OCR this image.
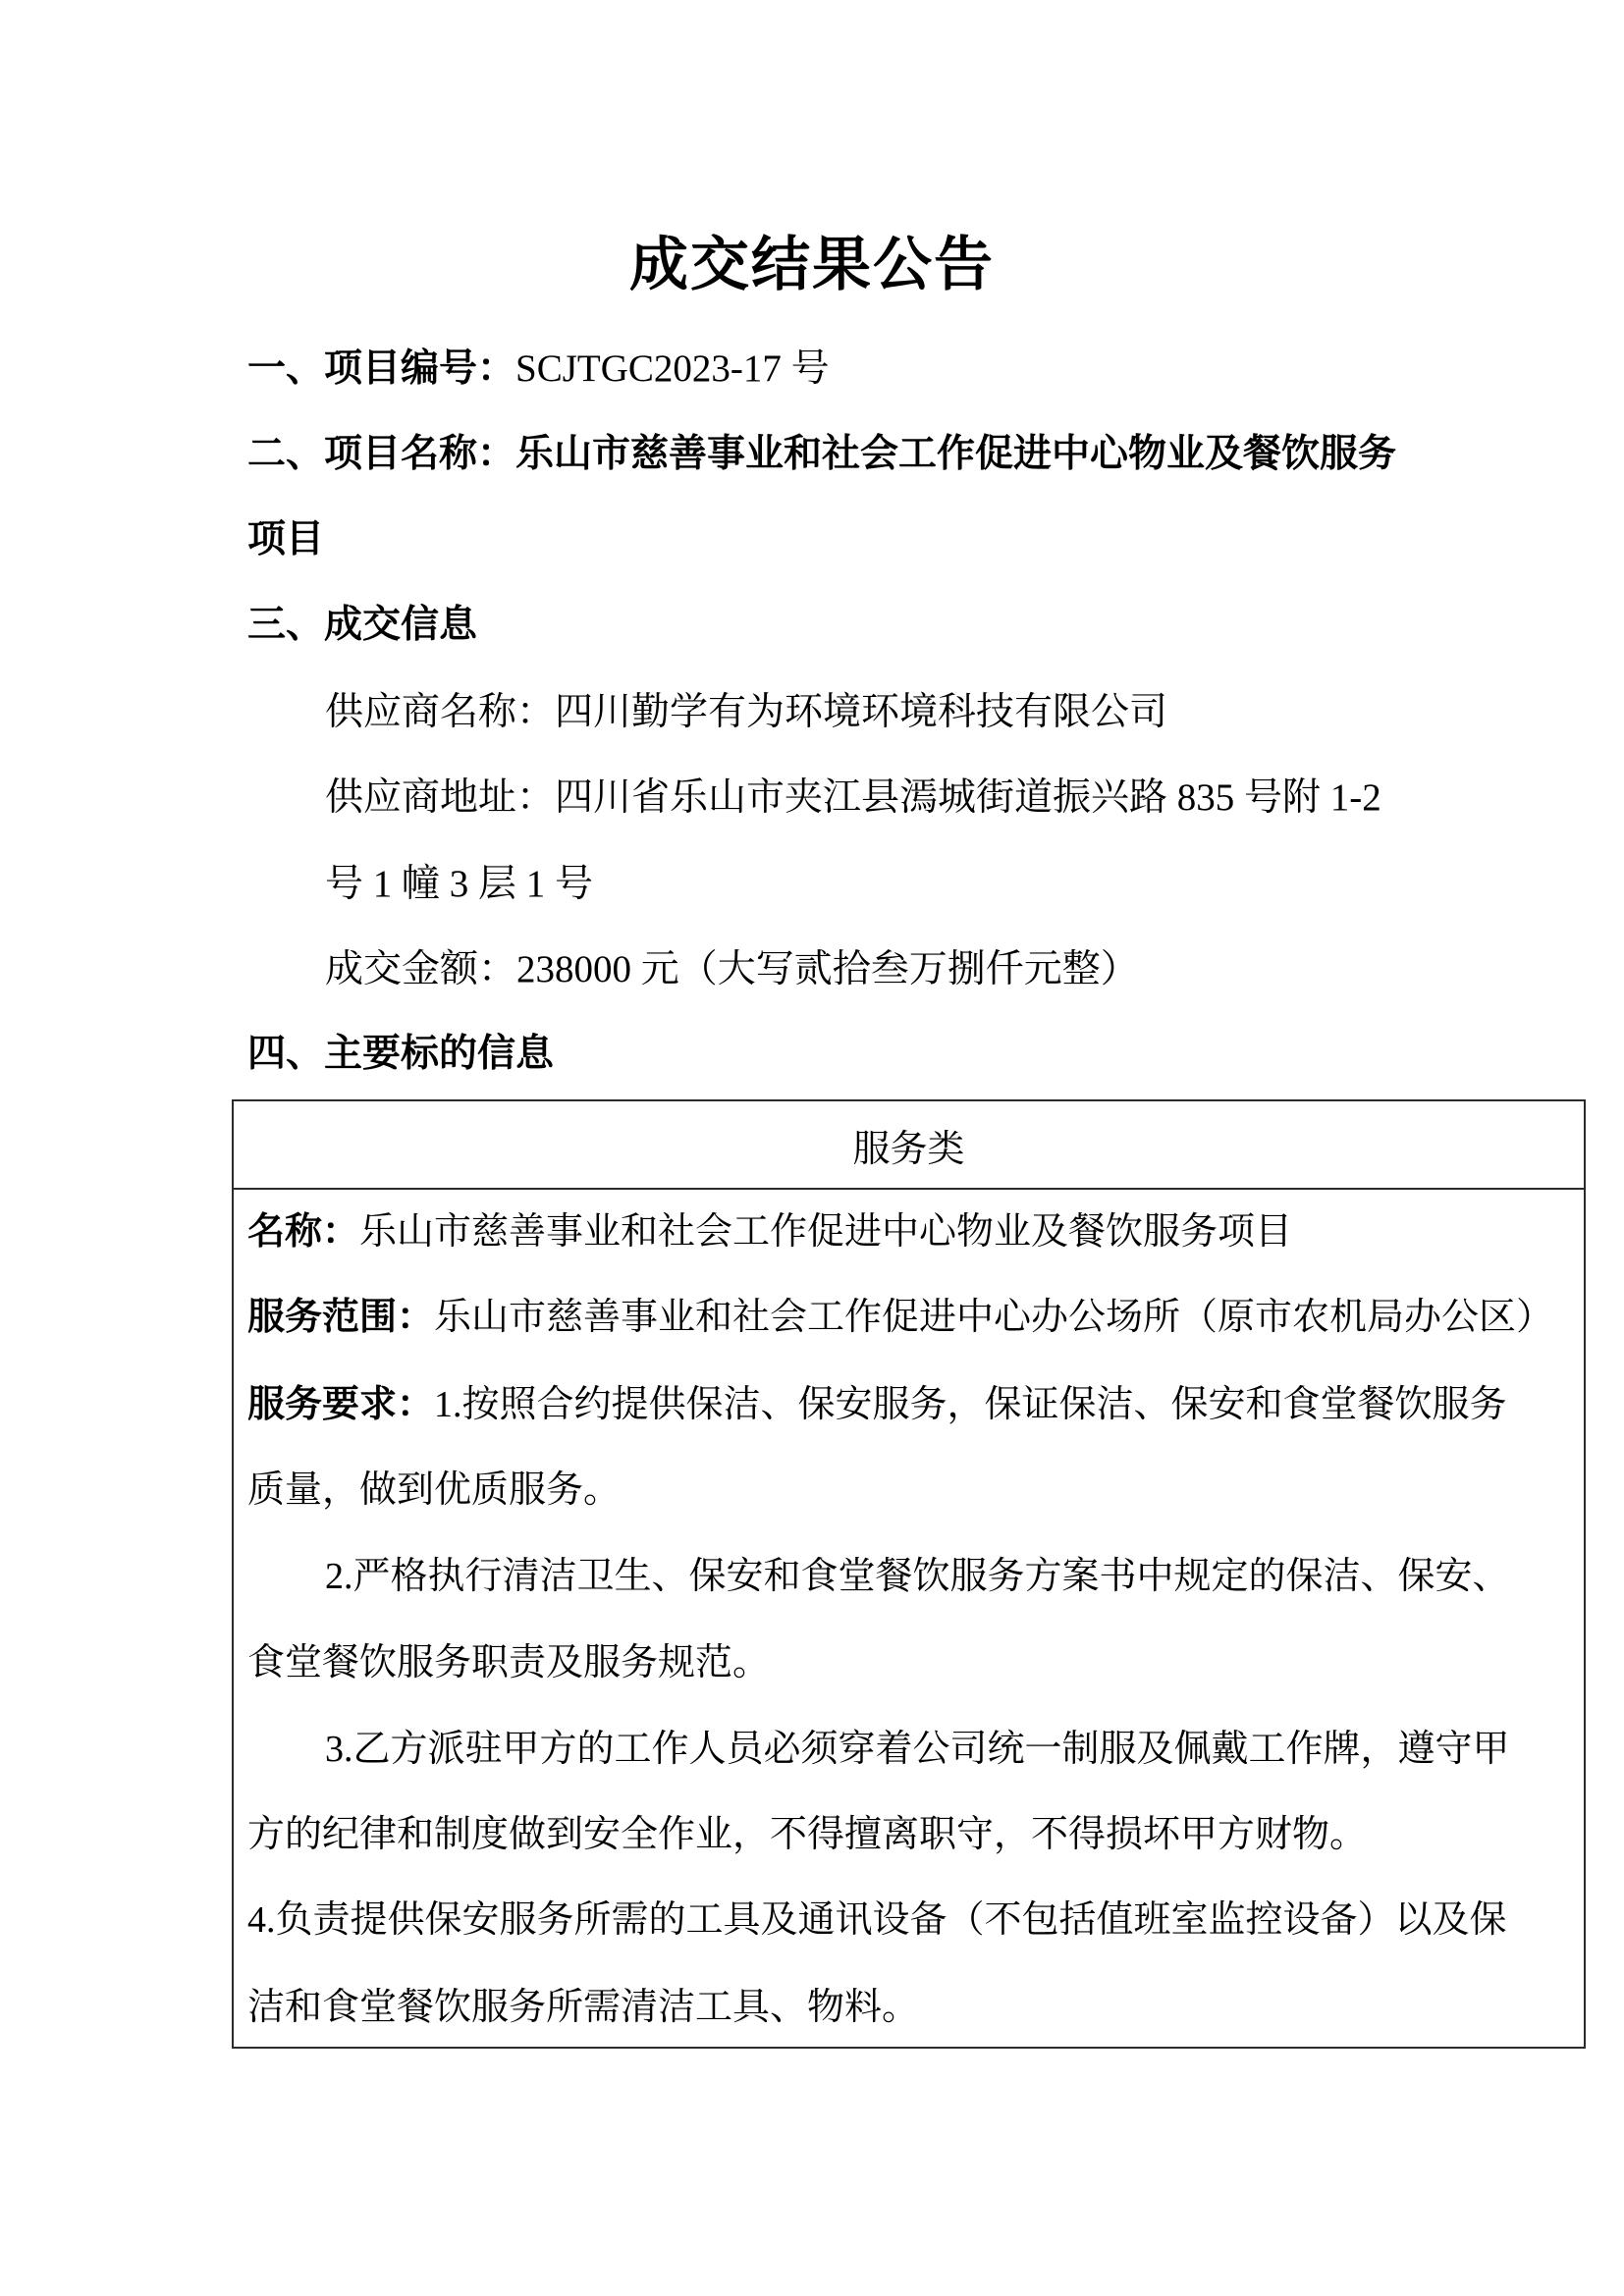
成交结果公告
一、项目编号：SCJTGC2023-17 号
二、项目名称：乐山市慈善事业和社会工作促进中心物业及餐饮服务
项目
三、成交信息
供应商名称：四川勤学有为环境环境科技有限公司
供应商地址：四川省乐山市夹江县漹城街道振兴路 835 号附 1-2
号 1 幢 3 层 1 号
成交金额：238000 元（大写贰拾叁万捌仟元整）
四、主要标的信息
服务类
名称：乐山市慈善事业和社会工作促进中心物业及餐饮服务项目
服务范围：乐山市慈善事业和社会工作促进中心办公场所（原市农机局办公区）
服务要求：1.按照合约提供保洁、保安服务，保证保洁、保安和食堂餐饮服务
质量，做到优质服务。
2.严格执行清洁卫生、保安和食堂餐饮服务方案书中规定的保洁、保安、
食堂餐饮服务职责及服务规范。
3.乙方派驻甲方的工作人员必须穿着公司统一制服及佩戴工作牌，遵守甲
方的纪律和制度做到安全作业，不得擅离职守，不得损坏甲方财物。
4.负责提供保安服务所需的工具及通讯设备（不包括值班室监控设备）以及保
洁和食堂餐饮服务所需清洁工具、物料。
